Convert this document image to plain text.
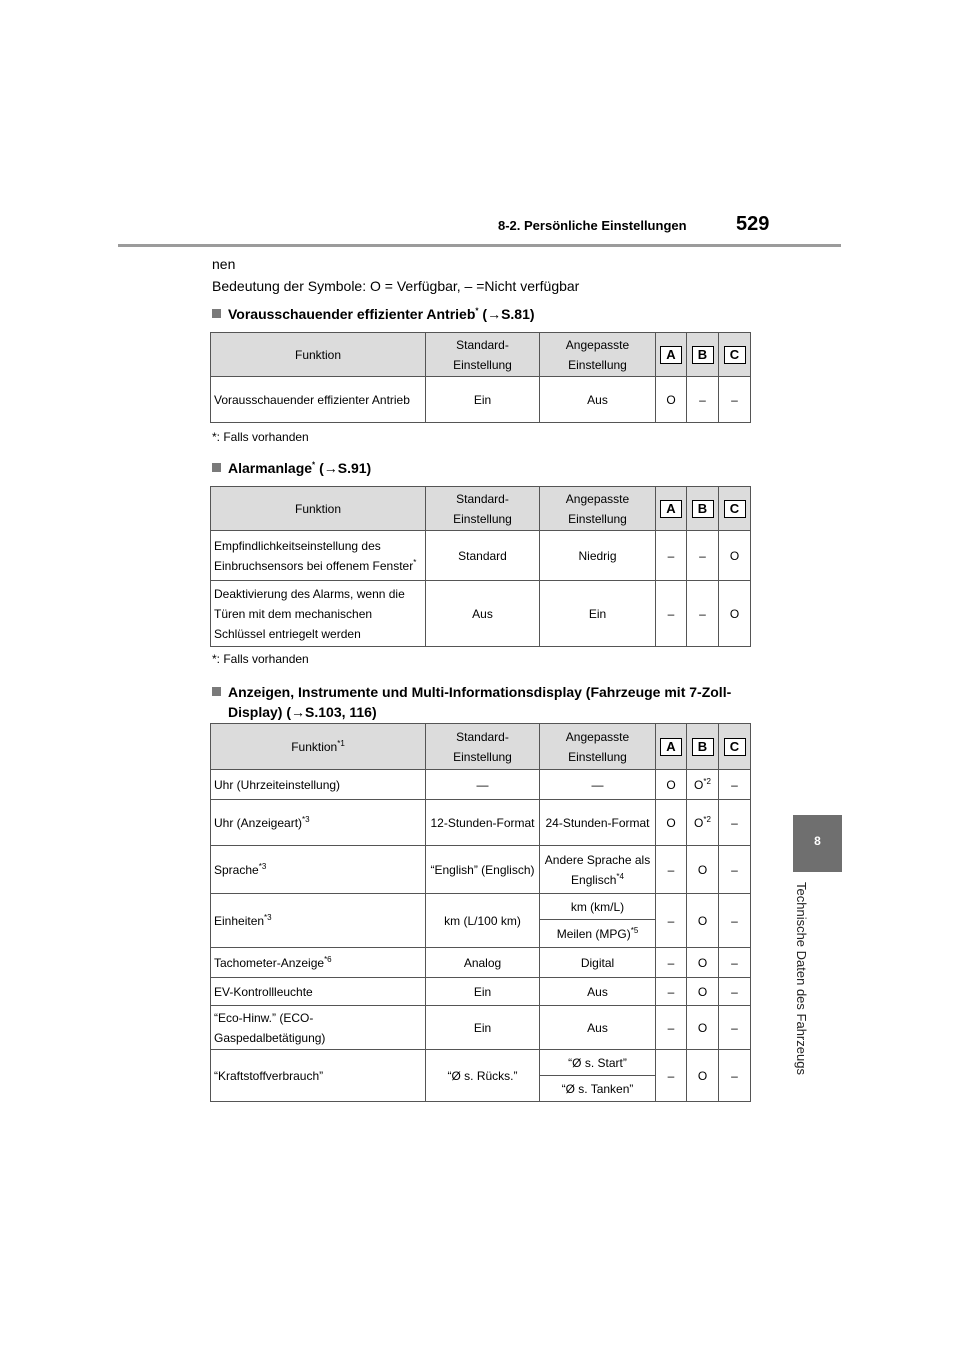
8-2. Persönliche Einstellungen 529
8
Technische Daten des Fahrzeugs
nen
Bedeutung der Symbole: O = Verfügbar, – =Nicht verfügbar
Vorausschauender effizienter Antrieb* (→S.81)
Funktion	Standard-Einstellung	Angepasste Einstellung	A	B	C
Vorausschauender effizienter Antrieb	Ein	Aus	O	–	–
*: Falls vorhanden
Alarmanlage* (→S.91)
Funktion	Standard-Einstellung	Angepasste Einstellung	A	B	C
Empfindlichkeitseinstellung des Einbruchsensors bei offenem Fenster*	Standard	Niedrig	–	–	O
Deaktivierung des Alarms, wenn die Türen mit dem mechanischen Schlüssel entriegelt werden	Aus	Ein	–	–	O
*: Falls vorhanden
Anzeigen, Instrumente und Multi-Informationsdisplay (Fahrzeuge mit 7-Zoll-Display) (→S.103, 116)
Funktion$^{*1}$	Standard-Einstellung	Angepasste Einstellung	A	B	C
Uhr (Uhrzeiteinstellung)	—	—	O	$O^{*2}$	–
Uhr (Anzeigeart)$^{*3}$	12-Stunden-Format	24-Stunden-Format	O	$O^{*2}$	–
Sprache$^{*3}$	“English” (Englisch)	Andere Sprache als Englisch$^{*4}$	–	O	–
Einheiten$^{*3}$	km (L/100 km)	km (km/L)	–	O	–
		Meilen (MPG)$^{*5}$
Tachometer-Anzeige$^{*6}$	Analog	Digital	–	O	–
EV-Kontrollleuchte	Ein	Aus	–	O	–
“Eco-Hinw.” (ECO-Gaspedalbetätigung)	Ein	Aus	–	O	–
“Kraftstoffverbrauch”	“Ø s. Rücks.”	“Ø s. Start”	–	O	–
		“Ø s. Tanken”			
